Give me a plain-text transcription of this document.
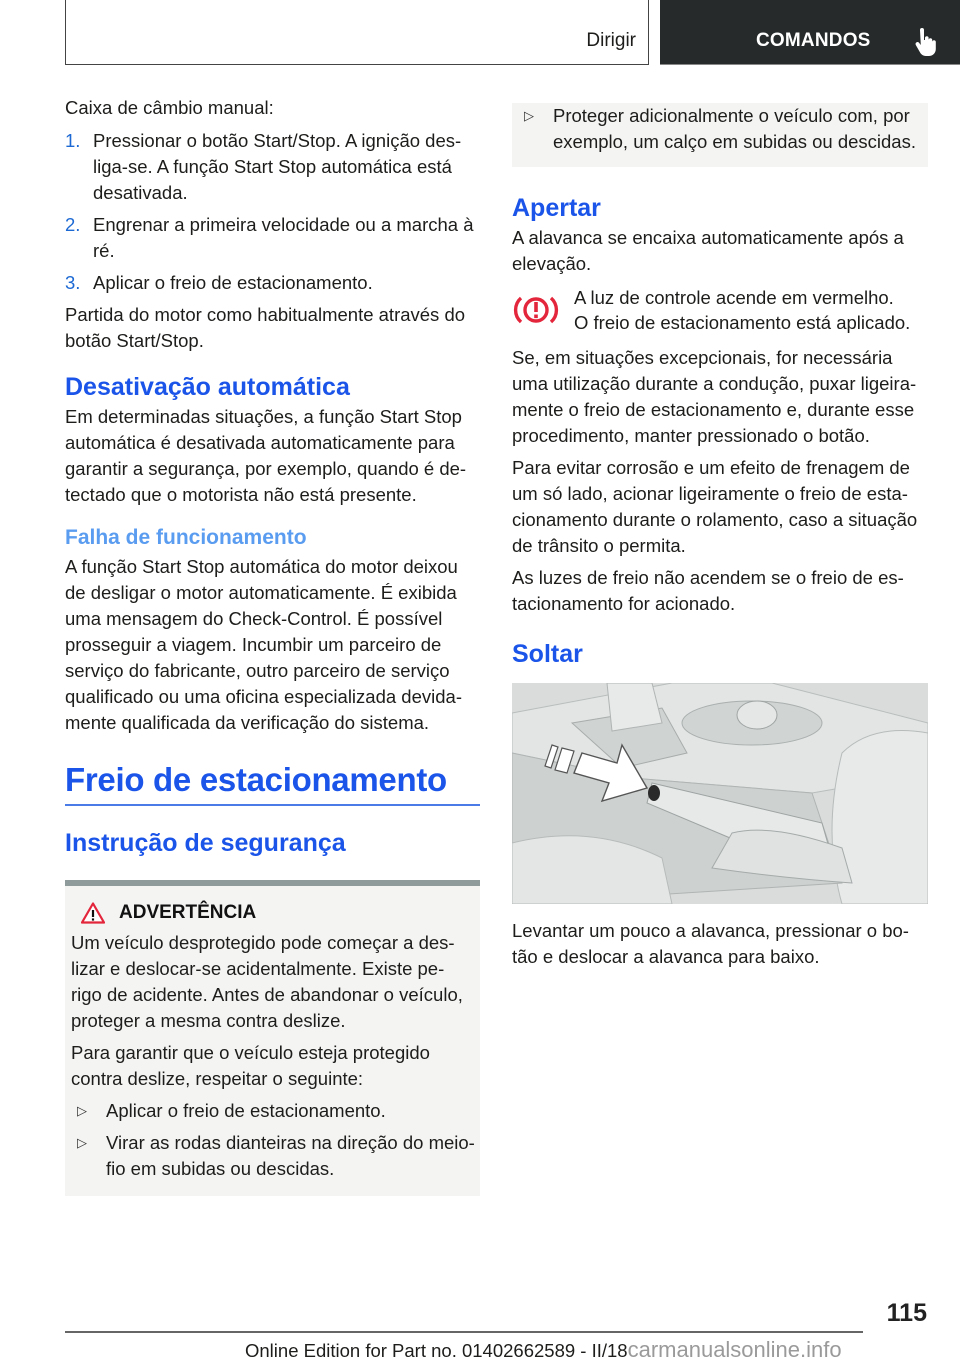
Dirigir	COMANDOS

Caixa de câmbio manual:

1. Pressionar o botão Start/Stop. A ignição des-liga-se. A função Start Stop automática está desativada.
2. Engrenar a primeira velocidade ou a marcha à ré.
3. Aplicar o freio de estacionamento.

Partida do motor como habitualmente através do botão Start/Stop.

Desativação automática

Em determinadas situações, a função Start Stop automática é desativada automaticamente para garantir a segurança, por exemplo, quando é de-tectado que o motorista não está presente.

Falha de funcionamento

A função Start Stop automática do motor deixou de desligar o motor automaticamente. É exibida uma mensagem do Check-Control. É possível prosseguir a viagem. Incumbir um parceiro de serviço do fabricante, outro parceiro de serviço qualificado ou uma oficina especializada devida-mente qualificada da verificação do sistema.

Freio de estacionamento
Instrução de segurança
ADVERTÊNCIA

Um veículo desprotegido pode começar a des-lizar e deslocar-se acidentalmente. Existe pe-rigo de acidente. Antes de abandonar o veículo, proteger a mesma contra deslize.

Para garantir que o veículo esteja protegido contra deslize, respeitar o seguinte:

▷	Aplicar o freio de estacionamento.
▷	Virar as rodas dianteiras na direção do meio-fio em subidas ou descidas.
▷	Proteger adicionalmente o veículo com, por exemplo, um calço em subidas ou descidas.
Apertar

A alavanca se encaixa automaticamente após a elevação.

A luz de controle acende em vermelho.
O freio de estacionamento está aplicado.

Se, em situações excepcionais, for necessária uma utilização durante a condução, puxar ligeira-mente o freio de estacionamento e, durante esse procedimento, manter pressionado o botão.

Para evitar corrosão e um efeito de frenagem de um só lado, acionar ligeiramente o freio de esta-cionamento durante o rolamento, caso a situação de trânsito o permita.

As luzes de freio não acendem se o freio de es-tacionamento for acionado.

Soltar

Levantar um pouco a alavanca, pressionar o bo-tão e deslocar a alavanca para baixo.

115
Online Edition for Part no. 01402662589 - II/18carmanualsonline.info
